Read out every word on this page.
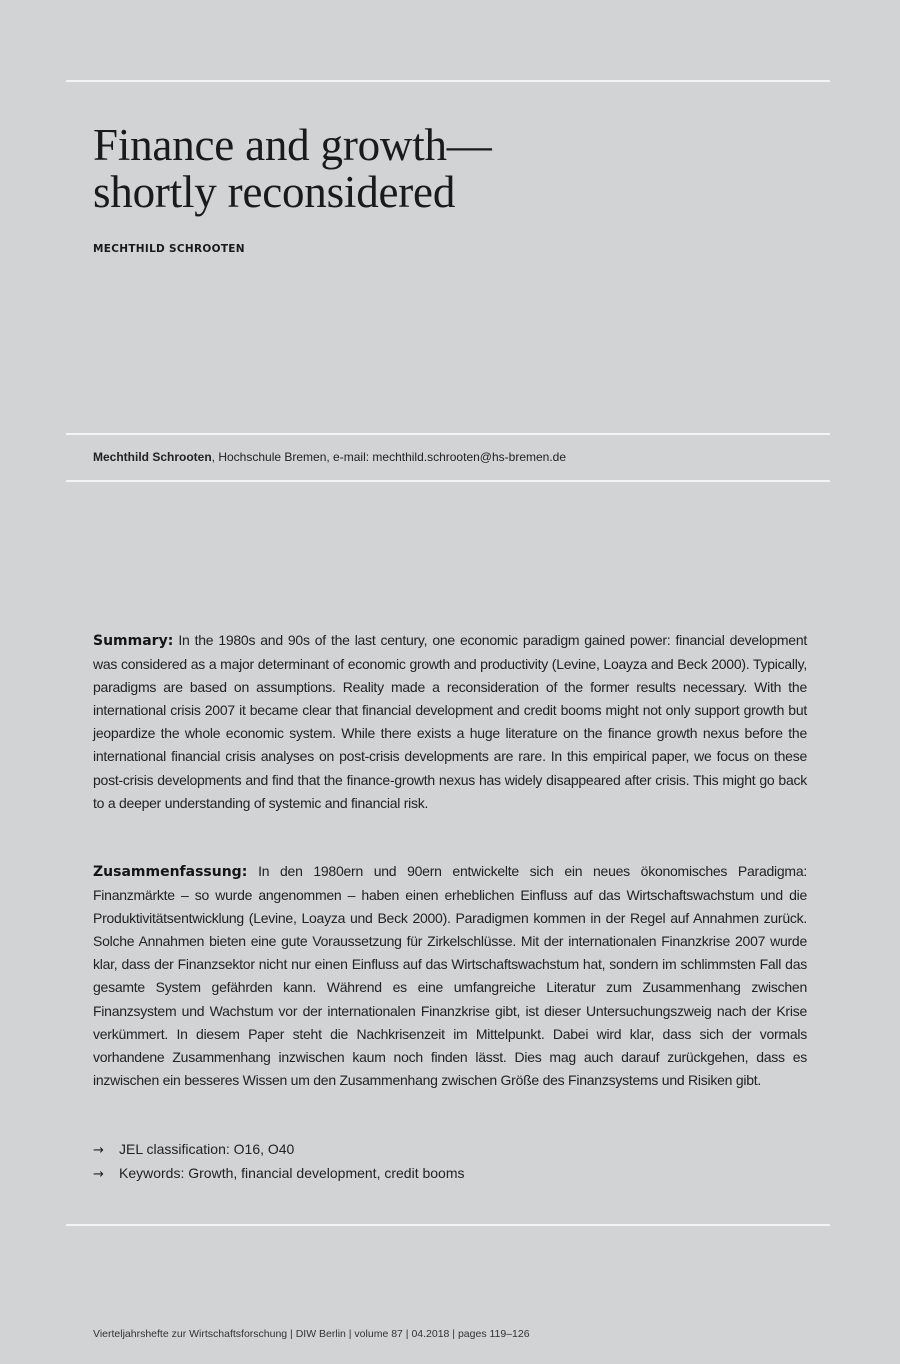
Finance and growth—
shortly reconsidered
MECHTHILD SCHROOTEN
Mechthild Schrooten, Hochschule Bremen, e-mail: mechthild.schrooten@hs-bremen.de

Summary: In the 1980s and 90s of the last century, one economic paradigm gained power: financial development was considered as a major determinant of economic growth and productivity (Levine, Loayza and Beck 2000). Typically, paradigms are based on assumptions. Reality made a reconsideration of the former results necessary. With the international crisis 2007 it became clear that financial development and credit booms might not only support growth but jeopardize the whole economic system. While there exists a huge literature on the finance growth nexus before the international financial crisis analyses on post-crisis developments are rare. In this empirical paper, we focus on these post-crisis developments and find that the finance-growth nexus has widely disappeared after crisis. This might go back to a deeper understanding of systemic and financial risk.

Zusammenfassung: In den 1980ern und 90ern entwickelte sich ein neues ökonomisches Paradigma: Finanzmärkte – so wurde angenommen – haben einen erheblichen Einfluss auf das Wirtschaftswachstum und die Produktivitätsentwicklung (Levine, Loayza und Beck 2000). Paradigmen kommen in der Regel auf Annahmen zurück. Solche Annahmen bieten eine gute Voraussetzung für Zirkelschlüsse. Mit der internationalen Finanzkrise 2007 wurde klar, dass der Finanzsektor nicht nur einen Einfluss auf das Wirtschaftswachstum hat, sondern im schlimmsten Fall das gesamte System gefährden kann. Während es eine umfangreiche Literatur zum Zusammenhang zwischen Finanzsystem und Wachstum vor der internationalen Finanzkrise gibt, ist dieser Untersuchungszweig nach der Krise verkümmert. In diesem Paper steht die Nachkrisenzeit im Mittelpunkt. Dabei wird klar, dass sich der vormals vorhandene Zusammenhang inzwischen kaum noch finden lässt. Dies mag auch darauf zurückgehen, dass es inzwischen ein besseres Wissen um den Zusammenhang zwischen Größe des Finanzsystems und Risiken gibt.

→ JEL classification: O16, O40
→ Keywords: Growth, financial development, credit booms
Vierteljahrshefte zur Wirtschaftsforschung | DIW Berlin | volume 87 | 04.2018 | pages 119–126
